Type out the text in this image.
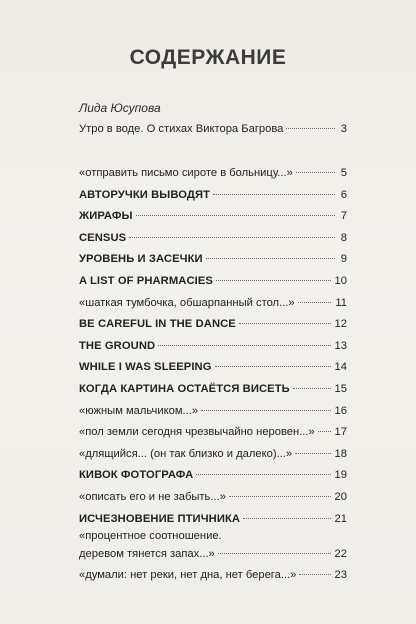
СОДЕРЖАНИЕ
Лида Юсупова
Утро в воде. О стихах Виктора Багрова	3
«отправить письмо сироте в больницу...»	5
АВТОРУЧКИ ВЫВОДЯТ	6
ЖИРАФЫ	7
CENSUS	8
УРОВЕНЬ И ЗАСЕЧКИ	9
A LIST OF PHARMACIES	10
«шаткая тумбочка, обшарпанный стол...»	11
BE CAREFUL IN THE DANCE	12
THE GROUND	13
WHILE I WAS SLEEPING	14
КОГДА КАРТИНА ОСТАЁТСЯ ВИСЕТЬ	15
«южным мальчиком...»	16
«пол земли сегодня чрезвычайно неровен...» 17
«длящийся... (он так близко и далеко)...»	18
КИВОК ФОТОГРАФА	19
«описать его и не забыть...»	20
ИСЧЕЗНОВЕНИЕ ПТИЧНИКА	21
«процентное соотношение.
деревом тянется запах...»	22
«думали: нет реки, нет дна, нет берега...»	23
